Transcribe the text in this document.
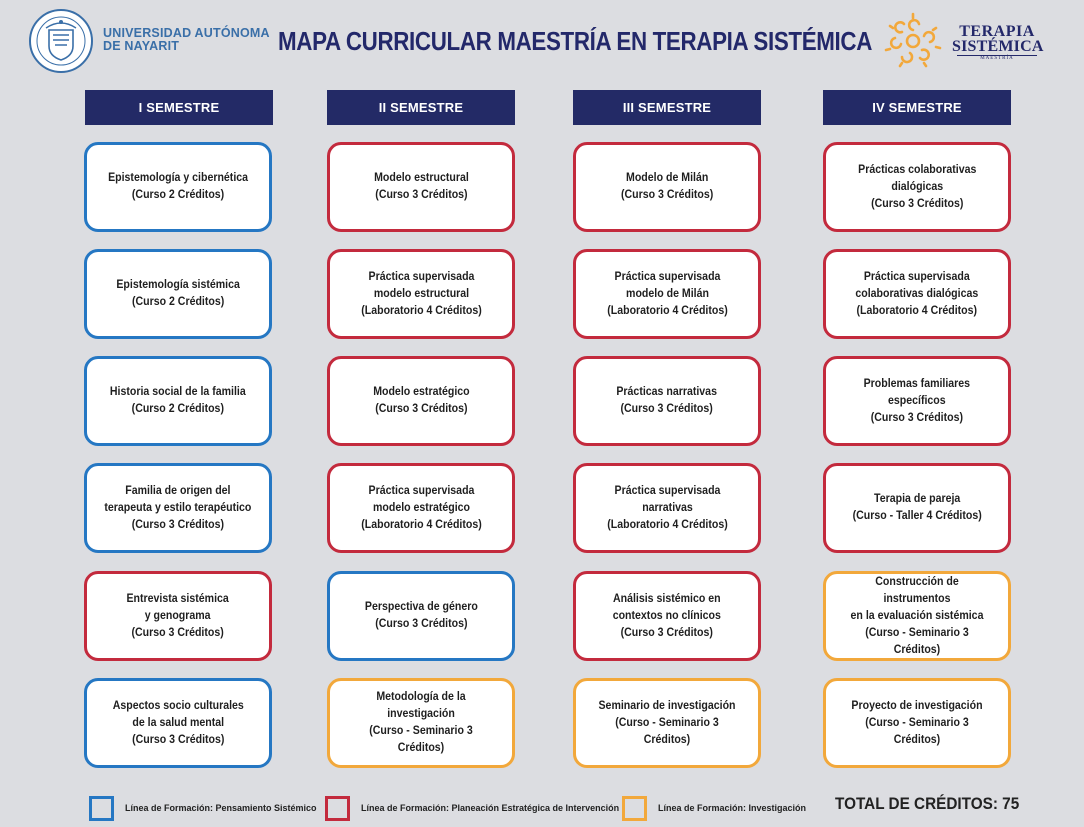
UNIVERSIDAD AUTÓNOMA
DE NAYARIT	MAPA CURRICULAR MAESTRÍA EN TERAPIA SISTÉMICA	TERAPIA
SISTÉMICA
MAESTRÍA
I SEMESTRE	II SEMESTRE	III SEMESTRE	IV SEMESTRE
Epistemología y cibernética
(Curso 2 Créditos)
Epistemología sistémica
(Curso 2 Créditos)
Historia social de la familia
(Curso 2 Créditos)
Familia de origen del
terapeuta y estilo terapéutico
(Curso 3 Créditos)
Entrevista sistémica
y genograma
(Curso 3 Créditos)
Aspectos socio culturales
de la salud mental
(Curso 3 Créditos)
Modelo estructural
(Curso 3 Créditos)
Práctica supervisada
modelo estructural
(Laboratorio 4 Créditos)
Modelo estratégico
(Curso 3 Créditos)
Práctica supervisada
modelo estratégico
(Laboratorio 4 Créditos)
Perspectiva de género
(Curso 3 Créditos)
Metodología de la
investigación
(Curso - Seminario 3 Créditos)
Modelo de Milán
(Curso 3 Créditos)
Práctica supervisada
modelo de Milán
(Laboratorio 4 Créditos)
Prácticas narrativas
(Curso 3 Créditos)
Práctica supervisada
narrativas
(Laboratorio 4 Créditos)
Análisis sistémico en
contextos no clínicos
(Curso 3 Créditos)
Seminario de investigación
(Curso - Seminario 3 Créditos)
Prácticas colaborativas
dialógicas
(Curso 3 Créditos)
Práctica supervisada
colaborativas dialógicas
(Laboratorio 4 Créditos)
Problemas familiares
específicos
(Curso 3 Créditos)
Terapia de pareja
(Curso - Taller 4 Créditos)
Construcción de instrumentos
en la evaluación sistémica
(Curso - Seminario 3 Créditos)
Proyecto de investigación
(Curso - Seminario 3 Créditos)
Línea de Formación: Pensamiento Sistémico	Línea de Formación: Planeación Estratégica de Intervención	Línea de Formación: Investigación TOTAL DE CRÉDITOS: 75
